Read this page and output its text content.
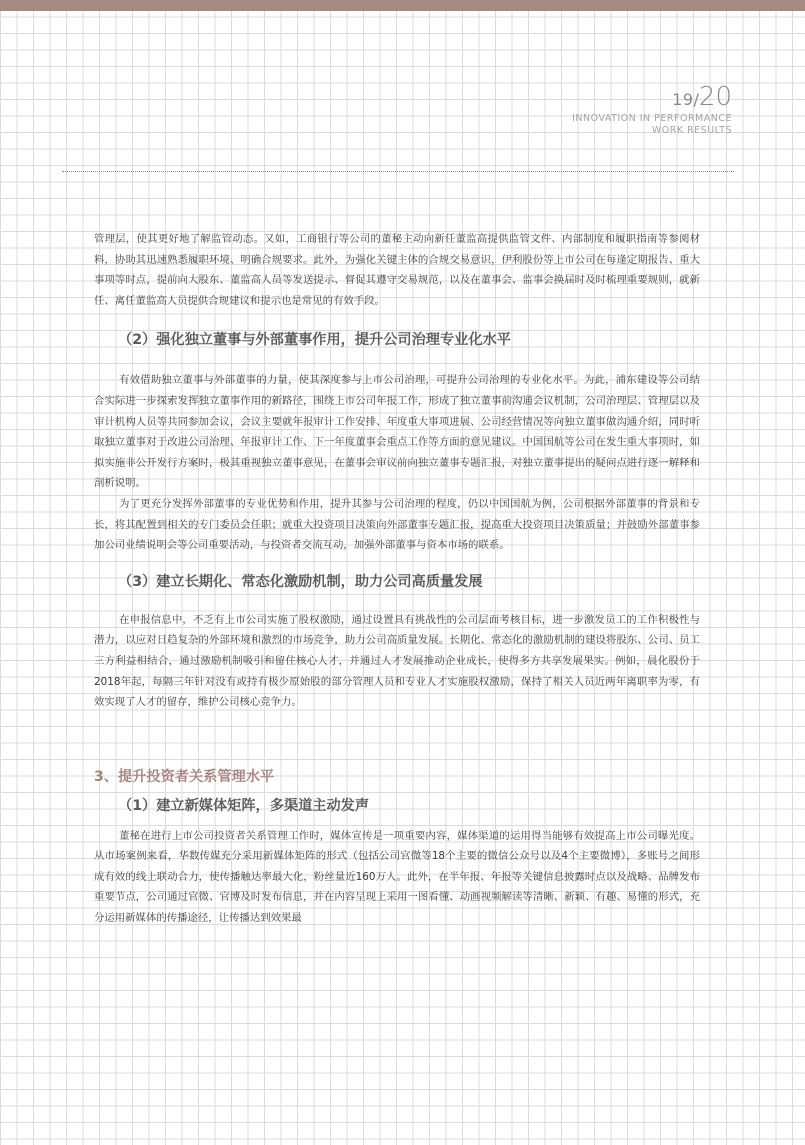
19/20
INNOVATION IN PERFORMANCE
WORK RESULTS

管理层，使其更好地了解监管动态。又如，工商银行等公司的董秘主动向新任董监高提供监管文件、内部制度和履职指南等参阅材料，协助其迅速熟悉履职环境、明确合规要求。此外，为强化关键主体的合规交易意识，伊利股份等上市公司在每逢定期报告、重大事项等时点，提前向大股东、董监高人员等发送提示、督促其遵守交易规范，以及在董事会、监事会换届时及时梳理重要规则，就新任、离任董监高人员提供合规建议和提示也是常见的有效手段。

（2）强化独立董事与外部董事作用，提升公司治理专业化水平

有效借助独立董事与外部董事的力量，使其深度参与上市公司治理，可提升公司治理的专业化水平。为此，浦东建设等公司结合实际进一步探索发挥独立董事作用的新路径，围绕上市公司年报工作，形成了独立董事前沟通会议机制，公司治理层、管理层以及审计机构人员等共同参加会议，会议主要就年报审计工作安排、年度重大事项进展、公司经营情况等向独立董事做沟通介绍，同时听取独立董事对于改进公司治理、年报审计工作、下一年度董事会重点工作等方面的意见建议。中国国航等公司在发生重大事项时，如拟实施非公开发行方案时，极其重视独立董事意见，在董事会审议前向独立董事专题汇报，对独立董事提出的疑问点进行逐一解释和剖析说明。

为了更充分发挥外部董事的专业优势和作用，提升其参与公司治理的程度，仍以中国国航为例，公司根据外部董事的背景和专长，将其配置到相关的专门委员会任职；就重大投资项目决策向外部董事专题汇报，提高重大投资项目决策质量；并鼓励外部董事参加公司业绩说明会等公司重要活动，与投资者交流互动，加强外部董事与资本市场的联系。

（3）建立长期化、常态化激励机制，助力公司高质量发展

在申报信息中，不乏有上市公司实施了股权激励，通过设置具有挑战性的公司层面考核目标，进一步激发员工的工作积极性与潜力，以应对日趋复杂的外部环境和激烈的市场竞争，助力公司高质量发展。长期化、常态化的激励机制的建设将股东、公司、员工三方利益相结合，通过激励机制吸引和留住核心人才，并通过人才发展推动企业成长，使得多方共享发展果实。例如，晨化股份于2018年起，每隔三年针对没有或持有极少原始股的部分管理人员和专业人才实施股权激励，保持了相关人员近两年离职率为零，有效实现了人才的留存，维护公司核心竞争力。

3、提升投资者关系管理水平
（1）建立新媒体矩阵，多渠道主动发声

董秘在进行上市公司投资者关系管理工作时，媒体宣传是一项重要内容，媒体渠道的运用得当能够有效提高上市公司曝光度。从市场案例来看，华数传媒充分采用新媒体矩阵的形式（包括公司官微等18个主要的微信公众号以及4个主要微博），多账号之间形成有效的线上联动合力，使传播触达率最大化，粉丝量近160万人。此外，在半年报、年报等关键信息披露时点以及战略、品牌发布重要节点，公司通过官微、官博及时发布信息，并在内容呈现上采用一图看懂、动画视频解读等清晰、新颖、有趣、易懂的形式，充分运用新媒体的传播途径，让传播达到效果最
